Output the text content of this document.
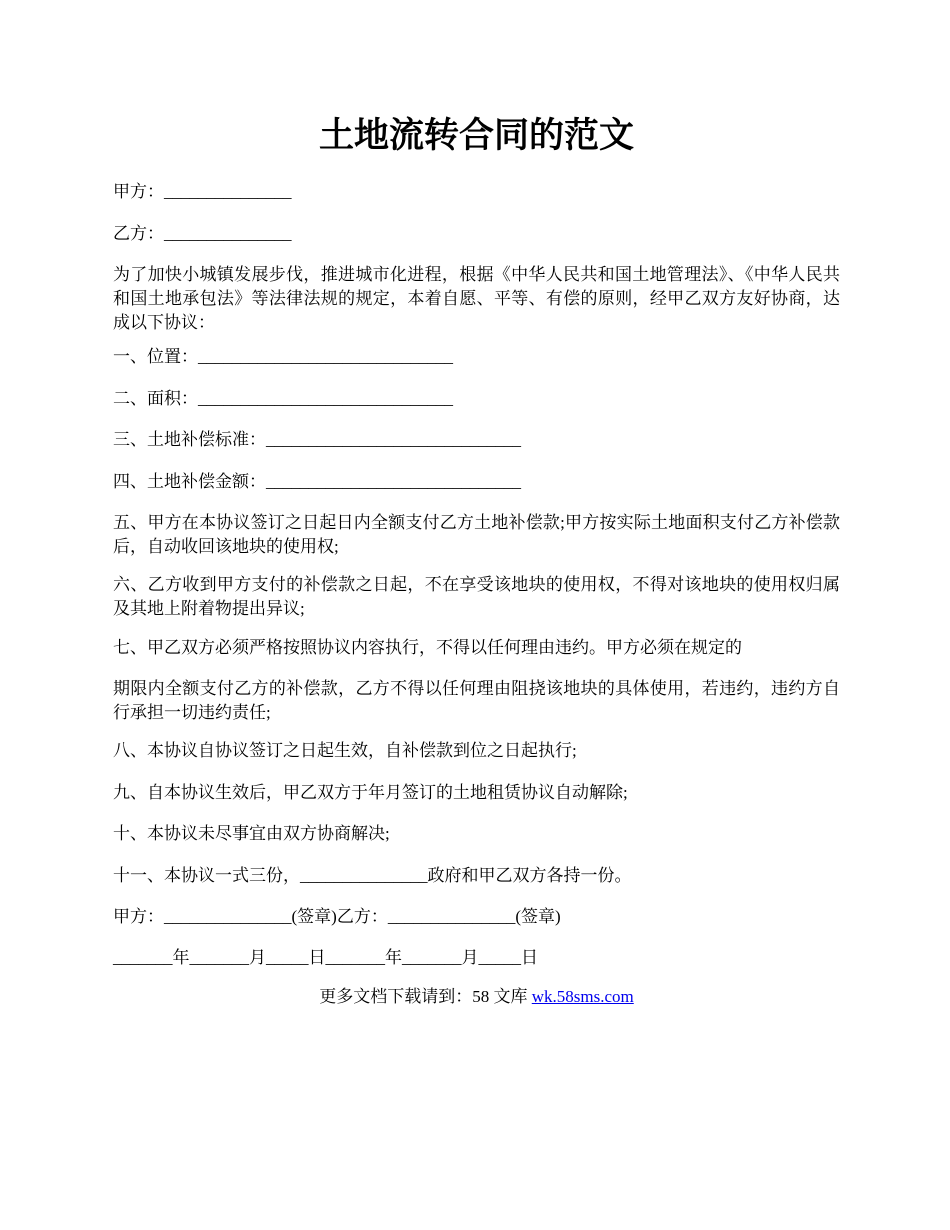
土地流转合同的范文

甲方：_______________

乙方：_______________

为了加快小城镇发展步伐，推进城市化进程，根据《中华人民共和国土地管理法》、《中华人民共和国土地承包法》等法律法规的规定，本着自愿、平等、有偿的原则，经甲乙双方友好协商，达成以下协议：

一、位置：______________________________

二、面积：______________________________

三、土地补偿标准：______________________________

四、土地补偿金额：______________________________

五、甲方在本协议签订之日起日内全额支付乙方土地补偿款;甲方按实际土地面积支付乙方补偿款后，自动收回该地块的使用权;

六、乙方收到甲方支付的补偿款之日起，不在享受该地块的使用权，不得对该地块的使用权归属及其地上附着物提出异议;

七、甲乙双方必须严格按照协议内容执行，不得以任何理由违约。甲方必须在规定的

期限内全额支付乙方的补偿款，乙方不得以任何理由阻挠该地块的具体使用，若违约，违约方自行承担一切违约责任;

八、本协议自协议签订之日起生效，自补偿款到位之日起执行;

九、自本协议生效后，甲乙双方于年月签订的土地租赁协议自动解除;

十、本协议未尽事宜由双方协商解决;

十一、本协议一式三份，_______________政府和甲乙双方各持一份。

甲方：_______________(签章)乙方：_______________(签章)

_______年_______月_____日_______年_______月_____日

更多文档下载请到：58 文库 wk.58sms.com
